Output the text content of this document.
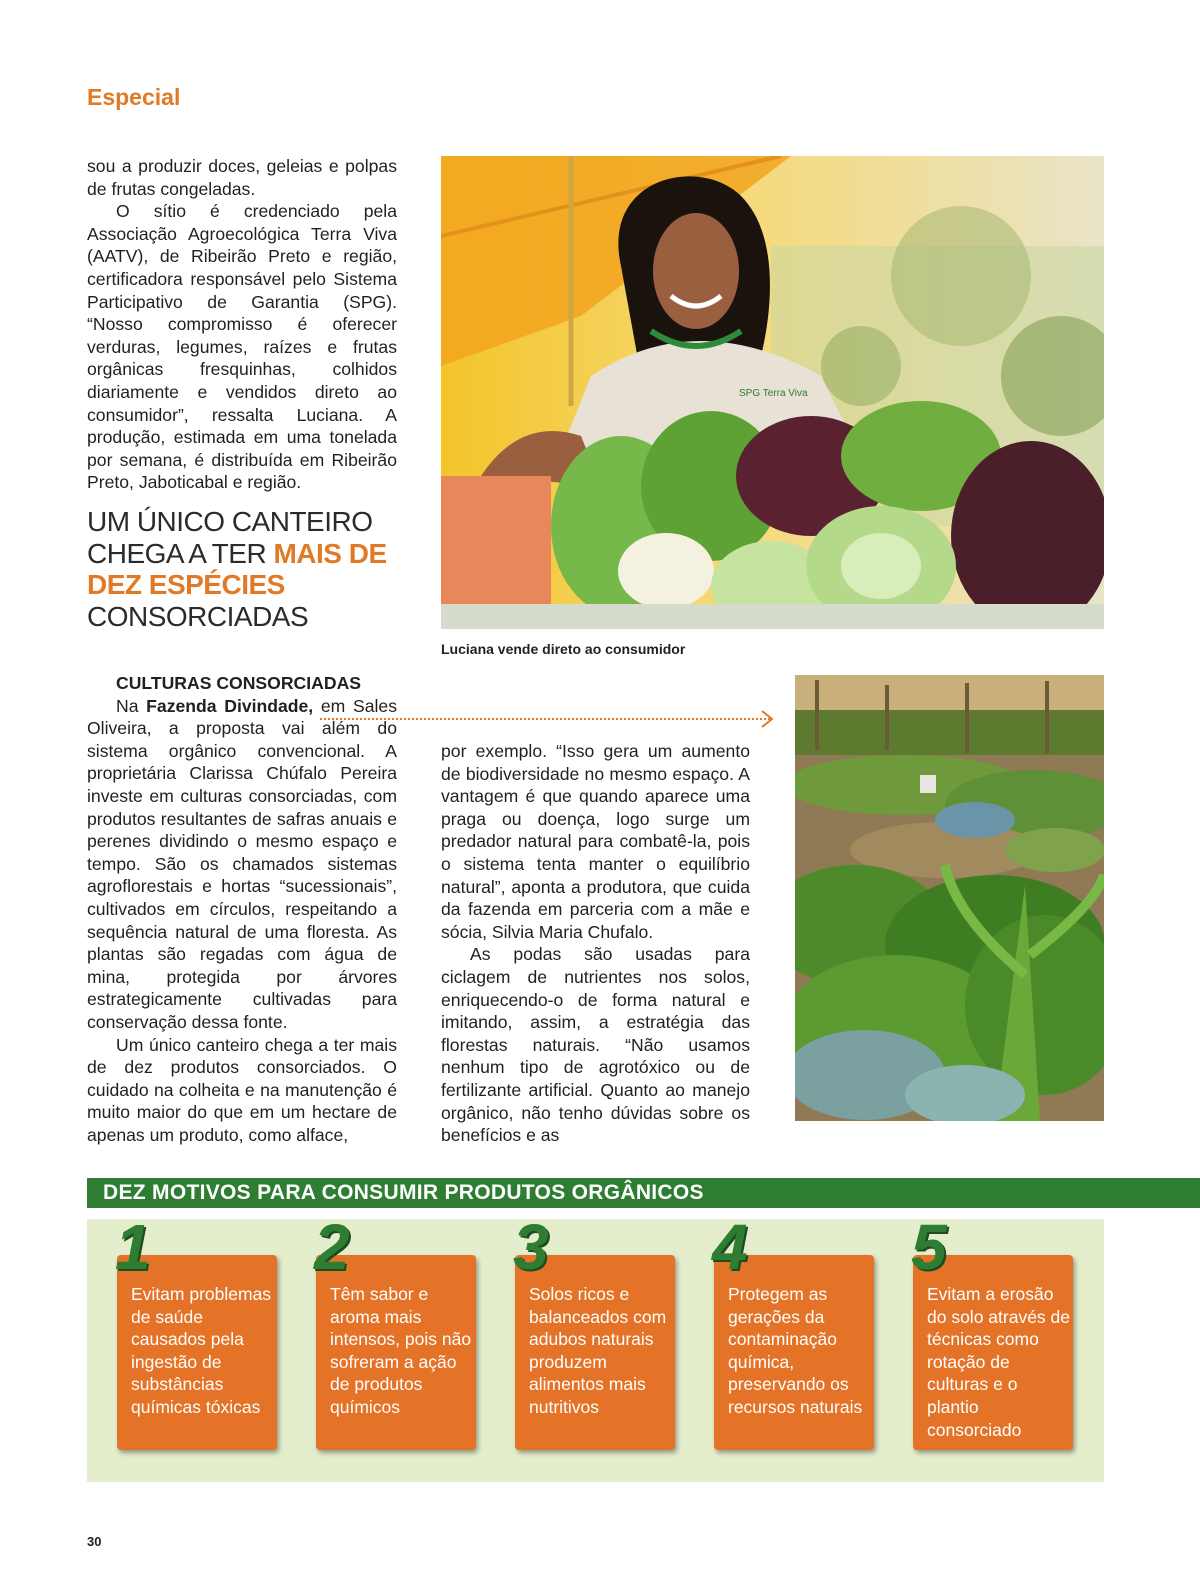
Especial

sou a produzir doces, geleias e polpas de frutas congeladas.

O sítio é credenciado pela Associação Agroecológica Terra Viva (AATV), de Ribeirão Preto e região, certificadora responsável pelo Sistema Participativo de Garantia (SPG). “Nosso compromisso é oferecer verduras, legumes, raízes e frutas orgânicas fresquinhas, colhidos diariamente e vendidos direto ao consumidor”, ressalta Luciana. A produção, estimada em uma tonelada por semana, é distribuída em Ribeirão Preto, Jaboticabal e região.

UM ÚNICO CANTEIRO CHEGA A TER MAIS DE DEZ ESPÉCIES CONSORCIADAS
SPG Terra Viva
Luciana vende direto ao consumidor

CULTURAS CONSORCIADAS

Na Fazenda Divindade, em Sales Oliveira, a proposta vai além do sistema orgânico convencional. A proprietária Clarissa Chúfalo Pereira investe em culturas consorciadas, com produtos resultantes de safras anuais e perenes dividindo o mesmo espaço e tempo. São os chamados sistemas agroflorestais e hortas “sucessionais”, cultivados em círculos, respeitando a sequência natural de uma floresta. As plantas são regadas com água de mina, protegida por árvores estrategicamente cultivadas para conservação dessa fonte.

Um único canteiro chega a ter mais de dez produtos consorciados. O cuidado na colheita e na manutenção é muito maior do que em um hectare de apenas um produto, como alface,

por exemplo. “Isso gera um aumento de biodiversidade no mesmo espaço. A vantagem é que quando aparece uma praga ou doença, logo surge um predador natural para combatê-la, pois o sistema tenta manter o equilíbrio natural”, aponta a produtora, que cuida da fazenda em parceria com a mãe e sócia, Silvia Maria Chufalo.

As podas são usadas para ciclagem de nutrientes nos solos, enriquecendo-o de forma natural e imitando, assim, a estratégia das florestas naturais. “Não usamos nenhum tipo de agrotóxico ou de fertilizante artificial. Quanto ao manejo orgânico, não tenho dúvidas sobre os benefícios e as

DEZ MOTIVOS PARA CONSUMIR PRODUTOS ORGÂNICOS
1
Evitam problemas de saúde causados pela ingestão de substâncias químicas tóxicas
2
Têm sabor e aroma mais intensos, pois não sofreram a ação de produtos químicos
3
Solos ricos e balanceados com adubos naturais produzem alimentos mais nutritivos
4
Protegem as gerações da contaminação química, preservando os recursos naturais
5
Evitam a erosão do solo através de técnicas como rotação de culturas e o plantio consorciado
30
